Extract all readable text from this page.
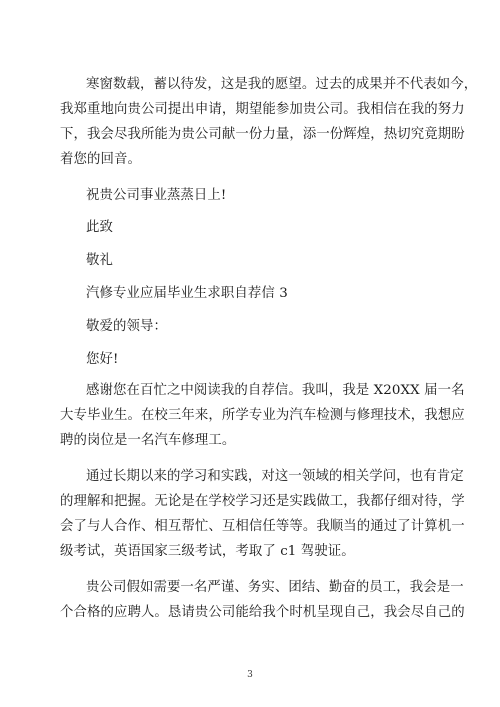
寒窗数载，蓄以待发，这是我的愿望。过去的成果并不代表如今，
我郑重地向贵公司提出申请，期望能参加贵公司。我相信在我的努力
下，我会尽我所能为贵公司献一份力量，添一份辉煌，热切究竟期盼
着您的回音。
祝贵公司事业蒸蒸日上!
此致
敬礼
汽修专业应届毕业生求职自荐信 3
敬爱的领导：
您好!
感谢您在百忙之中阅读我的自荐信。我叫，我是 X20XX 届一名
大专毕业生。在校三年来，所学专业为汽车检测与修理技术，我想应
聘的岗位是一名汽车修理工。
通过长期以来的学习和实践，对这一领域的相关学问，也有肯定
的理解和把握。无论是在学校学习还是实践做工，我都仔细对待，学
会了与人合作、相互帮忙、互相信任等等。我顺当的通过了计算机一
级考试，英语国家三级考试，考取了 c1 驾驶证。
贵公司假如需要一名严谨、务实、团结、勤奋的员工，我会是一
个合格的应聘人。恳请贵公司能给我个时机呈现自己，我会尽自己的
3
